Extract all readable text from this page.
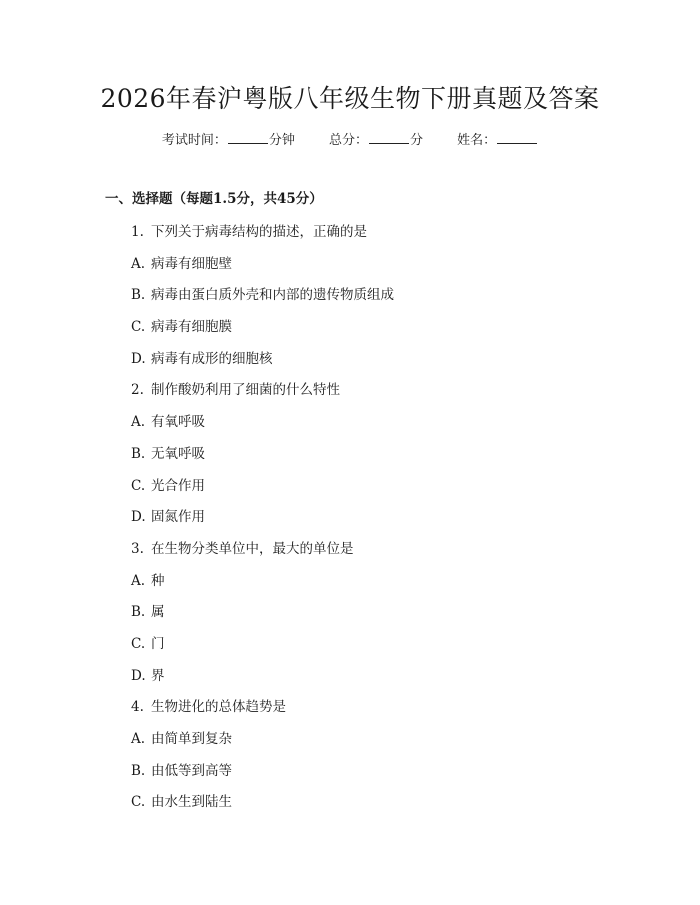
2026年春沪粤版八年级生物下册真题及答案
考试时间：	分钟	总分：	分	姓名：
一、选择题（每题1.5分，共45分）
1. 下列关于病毒结构的描述，正确的是
A. 病毒有细胞壁
B. 病毒由蛋白质外壳和内部的遗传物质组成
C. 病毒有细胞膜
D. 病毒有成形的细胞核
2. 制作酸奶利用了细菌的什么特性
A. 有氧呼吸
B. 无氧呼吸
C. 光合作用
D. 固氮作用
3. 在生物分类单位中，最大的单位是
A. 种
B. 属
C. 门
D. 界
4. 生物进化的总体趋势是
A. 由简单到复杂
B. 由低等到高等
C. 由水生到陆生
